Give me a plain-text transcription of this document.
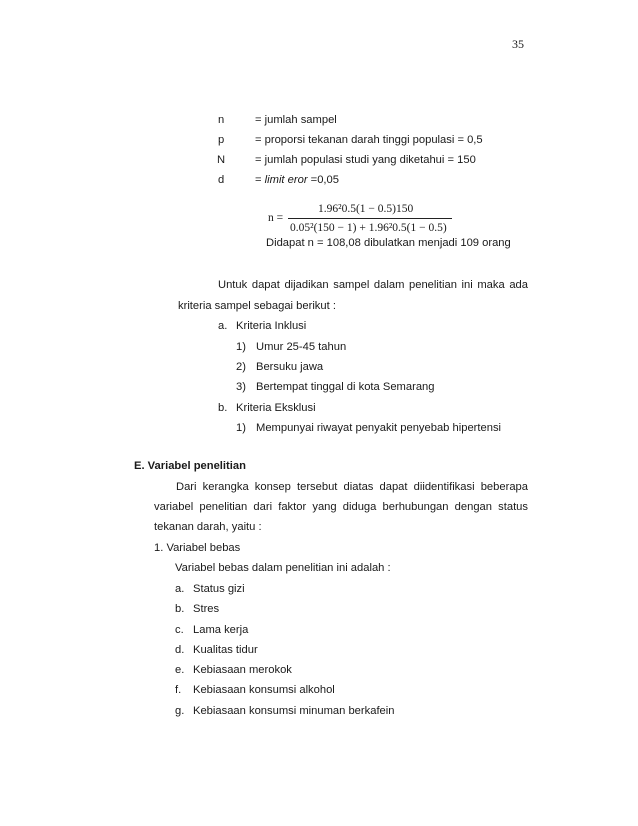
35
n	= jumlah sampel
p	= proporsi tekanan darah tinggi populasi = 0,5
N	= jumlah populasi studi yang diketahui = 150
d	= limit eror =0,05
n =
1.96²0.5(1 − 0.5)150
0.05²(150 − 1) + 1.96²0.5(1 − 0.5)
Didapat n = 108,08 dibulatkan menjadi 109 orang
Untuk dapat dijadikan sampel dalam penelitian ini maka ada
kriteria sampel sebagai berikut :
a. Kriteria Inklusi
1) Umur 25-45 tahun
2) Bersuku jawa
3) Bertempat tinggal di kota Semarang
b. Kriteria Eksklusi
1) Mempunyai riwayat penyakit penyebab hipertensi
E. Variabel penelitian
Dari kerangka konsep tersebut diatas dapat diidentifikasi beberapa
variabel penelitian dari faktor yang diduga berhubungan dengan status
tekanan darah, yaitu :
1. Variabel bebas
Variabel bebas dalam penelitian ini adalah :
a. Status gizi
b. Stres
c. Lama kerja
d. Kualitas tidur
e. Kebiasaan merokok
f. Kebiasaan konsumsi alkohol
g. Kebiasaan konsumsi minuman berkafein
